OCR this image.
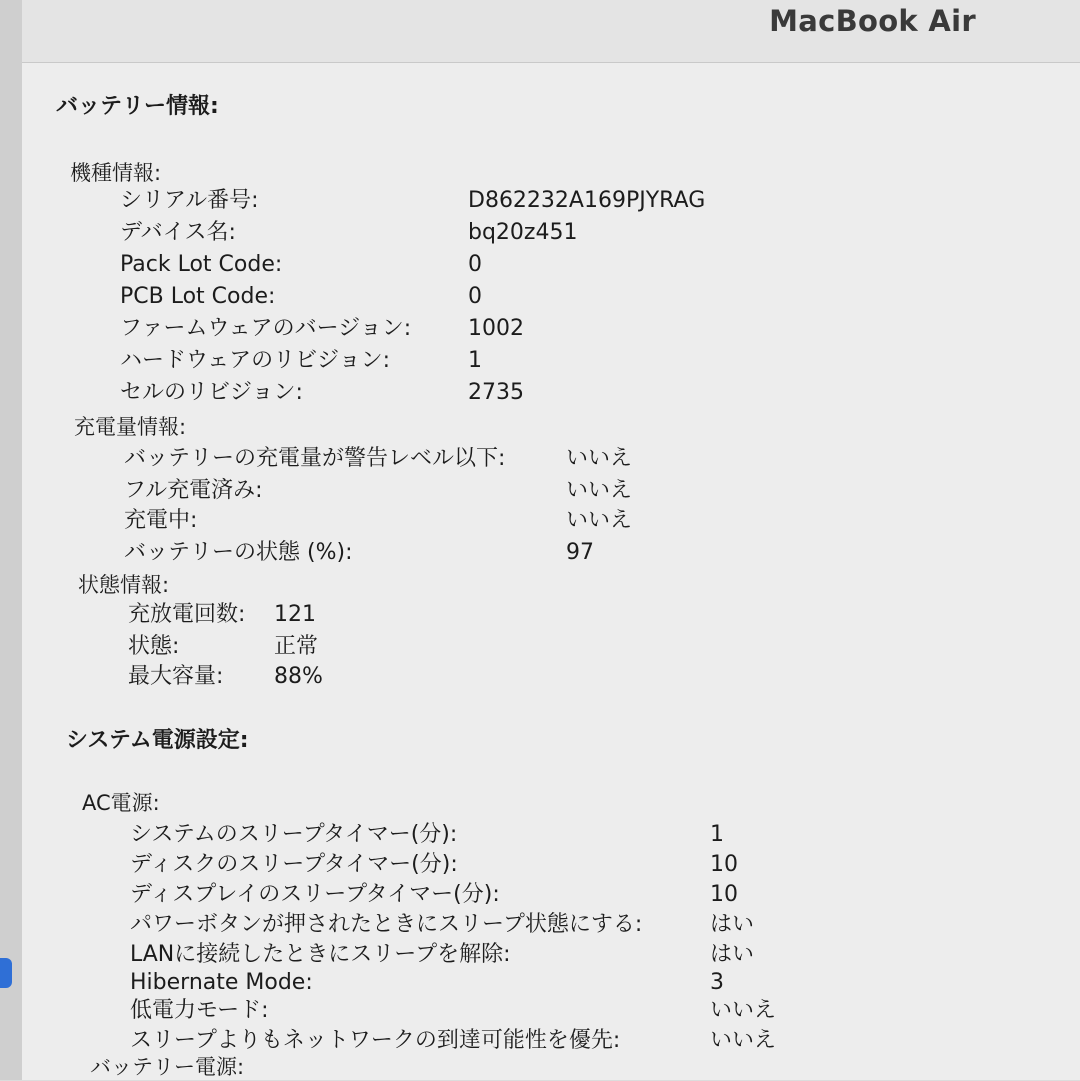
MacBook Air
バッテリー情報:
機種情報:
シリアル番号:	D862232A169PJYRAG
デバイス名:	bq20z451
Pack Lot Code:	0
PCB Lot Code:	0
ファームウェアのバージョン:	1002
ハードウェアのリビジョン:	1
セルのリビジョン:	2735
充電量情報:
バッテリーの充電量が警告レベル以下:	いいえ
フル充電済み:	いいえ
充電中:	いいえ
バッテリーの状態 (%):	97
状態情報:
充放電回数: 121
状態:	正常
最大容量: 88%
システム電源設定:
AC電源:
システムのスリープタイマー(分):	1
ディスクのスリープタイマー(分):	10
ディスプレイのスリープタイマー(分):	10
パワーボタンが押されたときにスリープ状態にする:	はい
LANに接続したときにスリープを解除:	はい
Hibernate Mode:	3
低電力モード:	いいえ
スリープよりもネットワークの到達可能性を優先:	いいえ
バッテリー電源:
